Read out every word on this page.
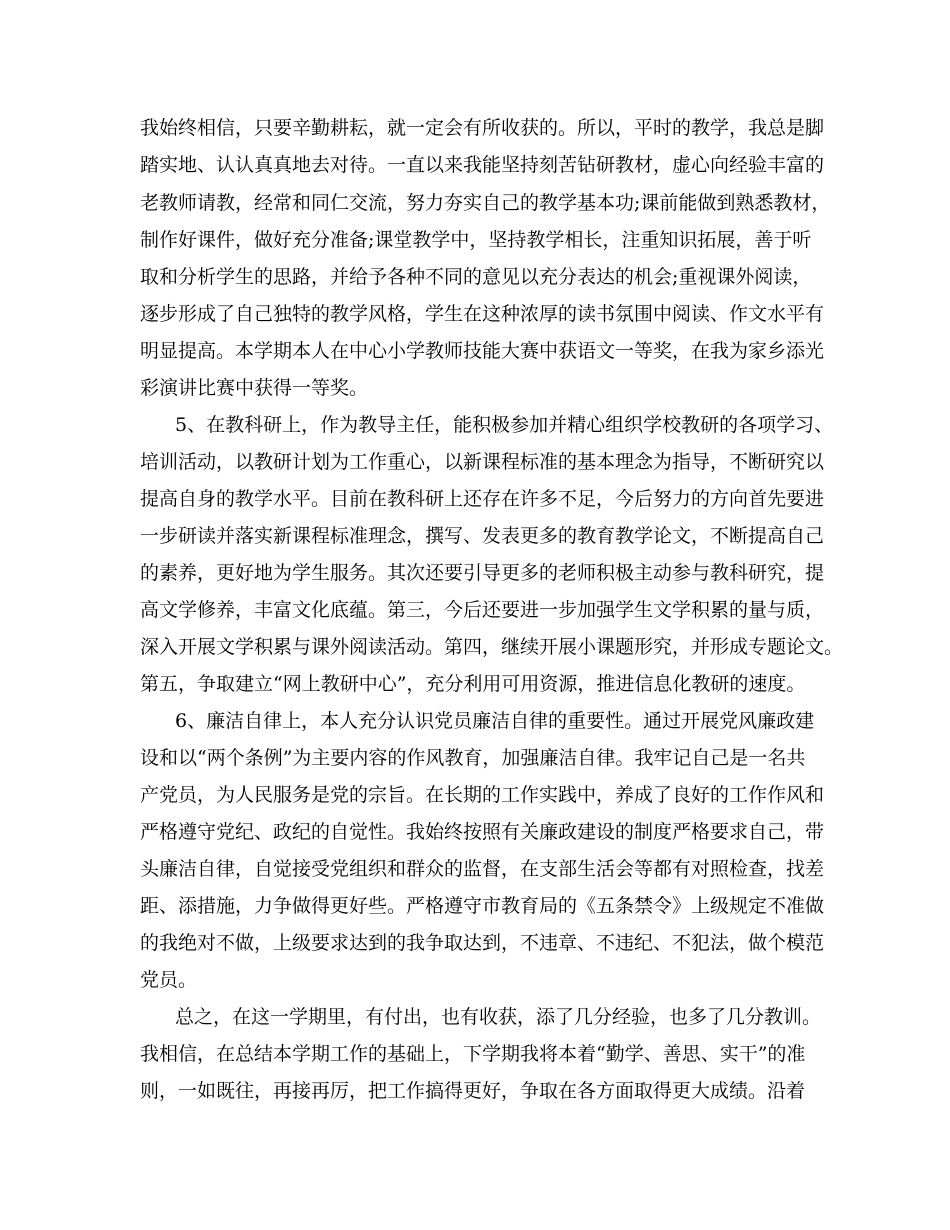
我始终相信，只要辛勤耕耘，就一定会有所收获的。所以，平时的教学，我总是脚
踏实地、认认真真地去对待。一直以来我能坚持刻苦钻研教材，虚心向经验丰富的
老教师请教，经常和同仁交流，努力夯实自己的教学基本功;课前能做到熟悉教材，
制作好课件，做好充分准备;课堂教学中，坚持教学相长，注重知识拓展，善于听
取和分析学生的思路，并给予各种不同的意见以充分表达的机会;重视课外阅读，
逐步形成了自己独特的教学风格，学生在这种浓厚的读书氛围中阅读、作文水平有
明显提高。本学期本人在中心小学教师技能大赛中获语文一等奖，在我为家乡添光
彩演讲比赛中获得一等奖。
5、在教科研上，作为教导主任，能积极参加并精心组织学校教研的各项学习、
培训活动，以教研计划为工作重心，以新课程标准的基本理念为指导，不断研究以
提高自身的教学水平。目前在教科研上还存在许多不足，今后努力的方向首先要进
一步研读并落实新课程标准理念，撰写、发表更多的教育教学论文，不断提高自己
的素养，更好地为学生服务。其次还要引导更多的老师积极主动参与教科研究，提
高文学修养，丰富文化底蕴。第三，今后还要进一步加强学生文学积累的量与质，
深入开展文学积累与课外阅读活动。第四，继续开展小课题形究，并形成专题论文。
第五，争取建立“网上教研中心”，充分利用可用资源，推进信息化教研的速度。
6、廉洁自律上，本人充分认识党员廉洁自律的重要性。通过开展党风廉政建
设和以“两个条例”为主要内容的作风教育，加强廉洁自律。我牢记自己是一名共
产党员，为人民服务是党的宗旨。在长期的工作实践中，养成了良好的工作作风和
严格遵守党纪、政纪的自觉性。我始终按照有关廉政建设的制度严格要求自己，带
头廉洁自律，自觉接受党组织和群众的监督，在支部生活会等都有对照检查，找差
距、添措施，力争做得更好些。严格遵守市教育局的《五条禁令》上级规定不准做
的我绝对不做，上级要求达到的我争取达到，不违章、不违纪、不犯法，做个模范
党员。
总之，在这一学期里，有付出，也有收获，添了几分经验，也多了几分教训。
我相信，在总结本学期工作的基础上，下学期我将本着“勤学、善思、实干”的准
则，一如既往，再接再厉，把工作搞得更好，争取在各方面取得更大成绩。沿着
